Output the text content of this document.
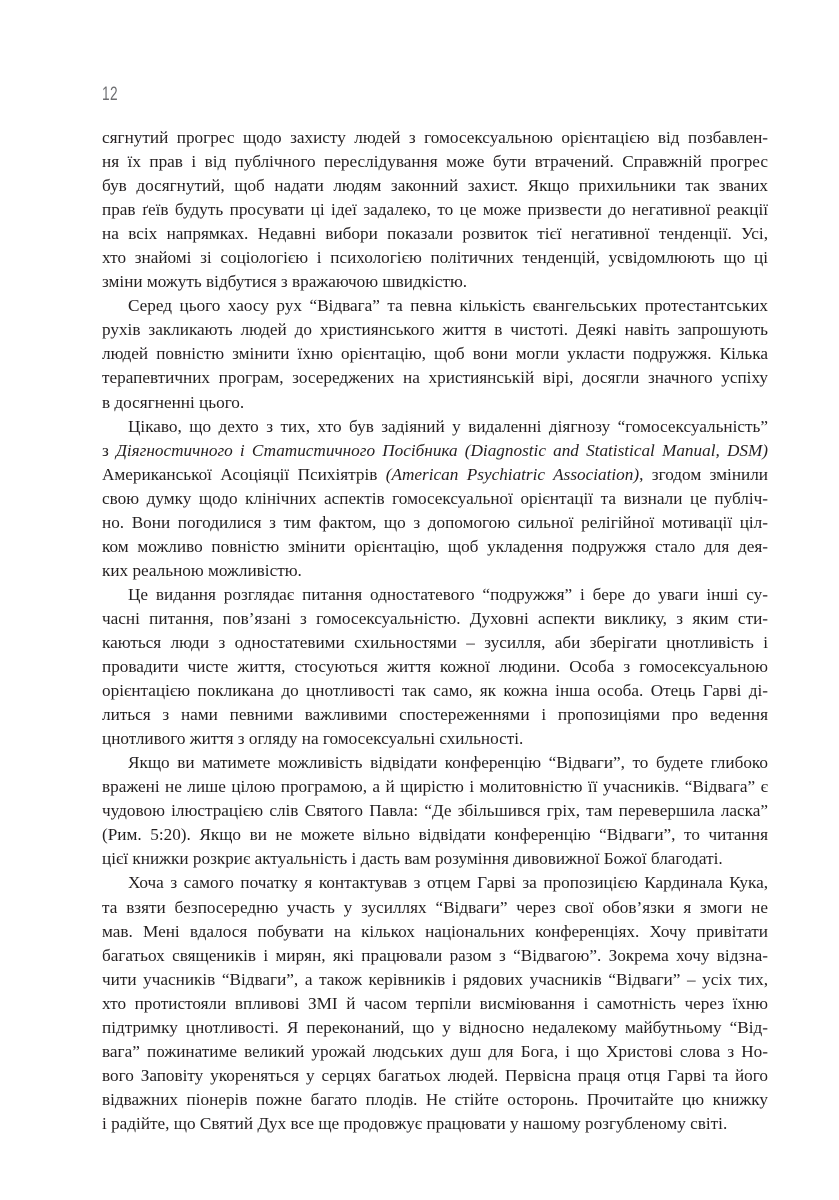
12
сягнутий прогрес щодо захисту людей з гомосексуальною орієнтацією від позбавлен-
ня їх прав і від публічного переслідування може бути втрачений. Справжній прогрес
був досягнутий, щоб надати людям законний захист. Якщо прихильники так званих
прав ґеїв будуть просувати ці ідеї задалеко, то це може призвести до негативної реакції
на всіх напрямках. Недавні вибори показали розвиток тієї негативної тенденції. Усі,
хто знайомі зі соціологією і психологією політичних тенденцій, усвідомлюють що ці
зміни можуть відбутися з вражаючою швидкістю.
Серед цього хаосу рух “Відвага” та певна кількість євангельських протестантських
рухів закликають людей до християнського життя в чистоті. Деякі навіть запрошують
людей повністю змінити їхню орієнтацію, щоб вони могли укласти подружжя. Кілька
терапевтичних програм, зосереджених на християнській вірі, досягли значного успіху
в досягненні цього.
Цікаво, що дехто з тих, хто був задіяний у видаленні діягнозу “гомосексуальність”
з Діягностичного і Статистичного Посібника (Diagnostic and Statistical Manual, DSM)
Американської Асоціяції Психіятрів (American Psychiatric Association), згодом змінили
свою думку щодо клінічних аспектів гомосексуальної орієнтації та визнали це публіч-
но. Вони погодилися з тим фактом, що з допомогою сильної релігійної мотивації ціл-
ком можливо повністю змінити орієнтацію, щоб укладення подружжя стало для дея-
ких реальною можливістю.
Це видання розглядає питання одностатевого “подружжя” і бере до уваги інші су-
часні питання, пов’язані з гомосексуальністю. Духовні аспекти виклику, з яким сти-
каються люди з одностатевими схильностями – зусилля, аби зберігати цнотливість і
провадити чисте життя, стосуються життя кожної людини. Особа з гомосексуальною
орієнтацією покликана до цнотливості так само, як кожна інша особа. Отець Гарві ді-
литься з нами певними важливими спостереженнями і пропозиціями про ведення
цнотливого життя з огляду на гомосексуальні схильності.
Якщо ви матимете можливість відвідати конференцію “Відваги”, то будете глибоко
вражені не лише цілою програмою, а й щирістю і молитовністю її учасників. “Відвага” є
чудовою ілюстрацією слів Святого Павла: “Де збільшився гріх, там перевершила ласка”
(Рим. 5:20). Якщо ви не можете вільно відвідати конференцію “Відваги”, то читання
цієї книжки розкриє актуальність і дасть вам розуміння дивовижної Божої благодаті.
Хоча з самого початку я контактував з отцем Гарві за пропозицією Кардинала Кука,
та взяти безпосередню участь у зусиллях “Відваги” через свої обов’язки я змоги не
мав. Мені вдалося побувати на кількох національних конференціях. Хочу привітати
багатьох священиків і мирян, які працювали разом з “Відвагою”. Зокрема хочу відзна-
чити учасників “Відваги”, а також керівників і рядових учасників “Відваги” – усіх тих,
хто протистояли впливові ЗМІ й часом терпіли висміювання і самотність через їхню
підтримку цнотливості. Я переконаний, що у відносно недалекому майбутньому “Від-
вага” пожинатиме великий урожай людських душ для Бога, і що Христові слова з Но-
вого Заповіту укореняться у серцях багатьох людей. Первісна праця отця Гарві та його
відважних піонерів пожне багато плодів. Не стійте осторонь. Прочитайте цю книжку
і радійте, що Святий Дух все ще продовжує працювати у нашому розгубленому світі.
